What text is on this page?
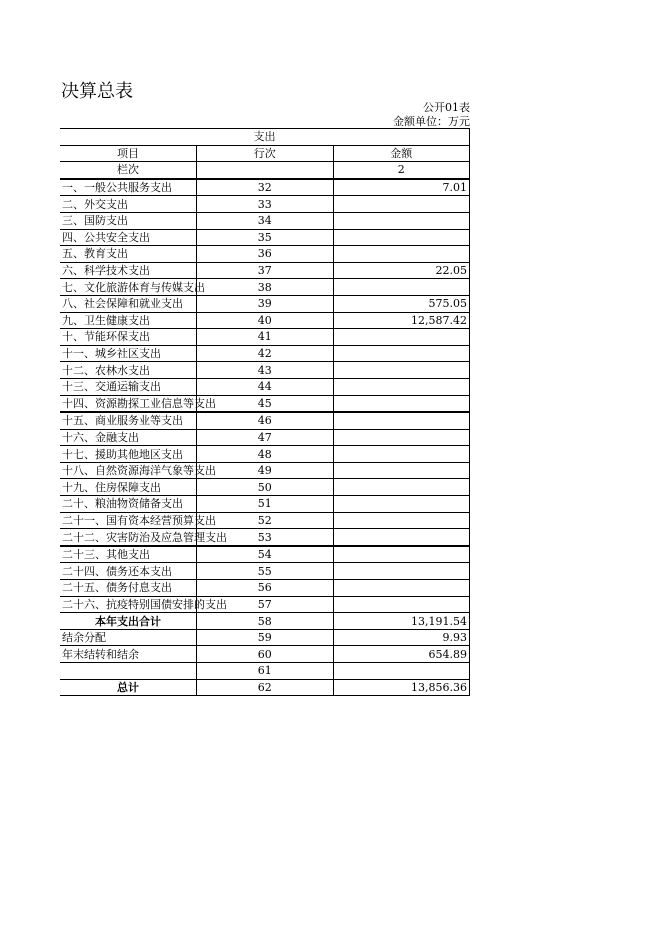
决算总表
公开01表
金额单位：万元
支出		
项目	行次	金额
栏次		2
一、一般公共服务支出	32	7.01
二、外交支出	33	
三、国防支出	34	
四、公共安全支出	35	
五、教育支出	36	
六、科学技术支出	37	22.05
七、文化旅游体育与传媒支出	38	
八、社会保障和就业支出	39	575.05
九、卫生健康支出	40	12,587.42
十、节能环保支出	41	
十一、城乡社区支出	42	
十二、农林水支出	43	
十三、交通运输支出	44	
十四、资源勘探工业信息等支出	45	
十五、商业服务业等支出	46	
十六、金融支出	47	
十七、援助其他地区支出	48	
十八、自然资源海洋气象等支出	49	
十九、住房保障支出	50	
二十、粮油物资储备支出	51	
二十一、国有资本经营预算支出	52	
二十二、灾害防治及应急管理支出	53	
二十三、其他支出	54	
二十四、债务还本支出	55	
二十五、债务付息支出	56	
二十六、抗疫特别国债安排的支出	57	
本年支出合计	58	13,191.54
结余分配	59	9.93
年末结转和结余	60	654.89
	61	
总计	62	13,856.36
